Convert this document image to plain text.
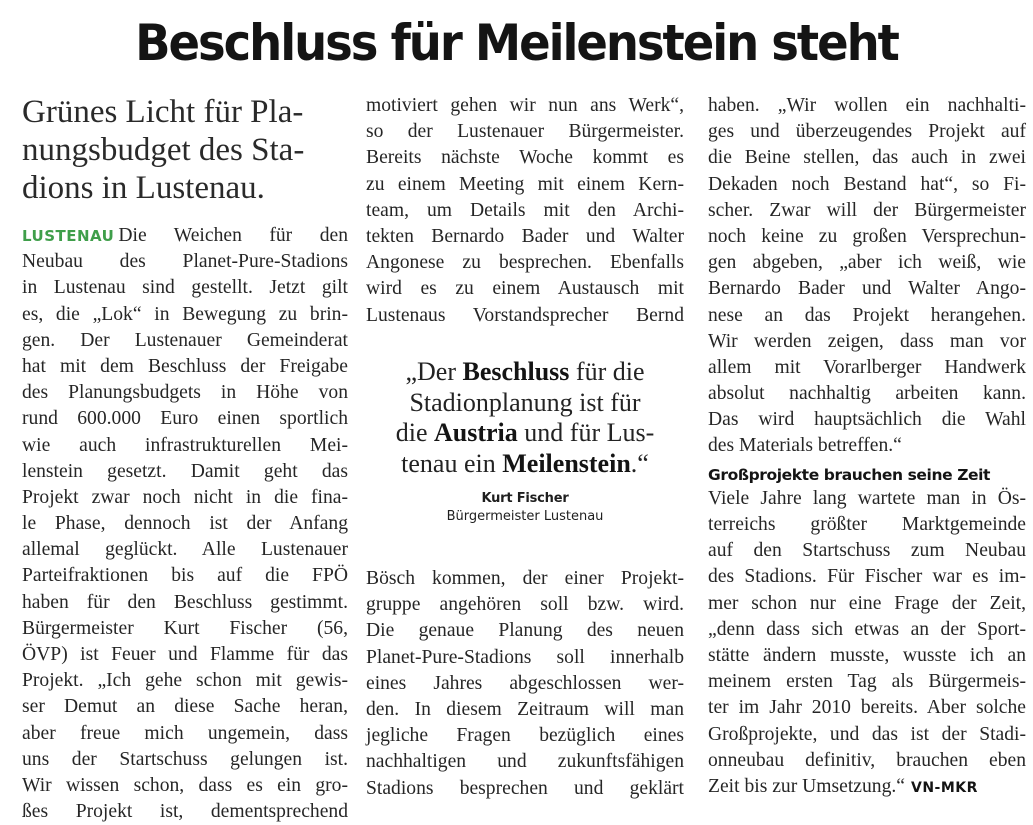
Beschluss für Meilenstein steht
Grünes Licht für Pla-
nungsbudget des Sta-
dions in Lustenau.
LUSTENAU Die Weichen für den
Neubau des Planet-Pure-Stadions
in Lustenau sind gestellt. Jetzt gilt
es, die „Lok“ in Bewegung zu brin-
gen. Der Lustenauer Gemeinderat
hat mit dem Beschluss der Freigabe
des Planungsbudgets in Höhe von
rund 600.000 Euro einen sportlich
wie auch infrastrukturellen Mei-
lenstein gesetzt. Damit geht das
Projekt zwar noch nicht in die fina-
le Phase, dennoch ist der Anfang
allemal geglückt. Alle Lustenauer
Parteifraktionen bis auf die FPÖ
haben für den Beschluss gestimmt.
Bürgermeister Kurt Fischer (56,
ÖVP) ist Feuer und Flamme für das
Projekt. „Ich gehe schon mit gewis-
ser Demut an diese Sache heran,
aber freue mich ungemein, dass
uns der Startschuss gelungen ist.
Wir wissen schon, dass es ein gro-
ßes Projekt ist, dementsprechend
motiviert gehen wir nun ans Werk“,
so der Lustenauer Bürgermeister.
Bereits nächste Woche kommt es
zu einem Meeting mit einem Kern-
team, um Details mit den Archi-
tekten Bernardo Bader und Walter
Angonese zu besprechen. Ebenfalls
wird es zu einem Austausch mit
Lustenaus Vorstandsprecher Bernd
„Der Beschluss für die
Stadionplanung ist für
die Austria und für Lus-
tenau ein Meilenstein.“
Kurt Fischer
Bürgermeister Lustenau
Bösch kommen, der einer Projekt-
gruppe angehören soll bzw. wird.
Die genaue Planung des neuen
Planet-Pure-Stadions soll innerhalb
eines Jahres abgeschlossen wer-
den. In diesem Zeitraum will man
jegliche Fragen bezüglich eines
nachhaltigen und zukunftsfähigen
Stadions besprechen und geklärt
haben. „Wir wollen ein nachhalti-
ges und überzeugendes Projekt auf
die Beine stellen, das auch in zwei
Dekaden noch Bestand hat“, so Fi-
scher. Zwar will der Bürgermeister
noch keine zu großen Versprechun-
gen abgeben, „aber ich weiß, wie
Bernardo Bader und Walter Ango-
nese an das Projekt herangehen.
Wir werden zeigen, dass man vor
allem mit Vorarlberger Handwerk
absolut nachhaltig arbeiten kann.
Das wird hauptsächlich die Wahl
des Materials betreffen.“
Großprojekte brauchen seine Zeit
Viele Jahre lang wartete man in Ös-
terreichs größter Marktgemeinde
auf den Startschuss zum Neubau
des Stadions. Für Fischer war es im-
mer schon nur eine Frage der Zeit,
„denn dass sich etwas an der Sport-
stätte ändern musste, wusste ich an
meinem ersten Tag als Bürgermeis-
ter im Jahr 2010 bereits. Aber solche
Großprojekte, und das ist der Stadi-
onneubau definitiv, brauchen eben
Zeit bis zur Umsetzung.“ VN-MKR
